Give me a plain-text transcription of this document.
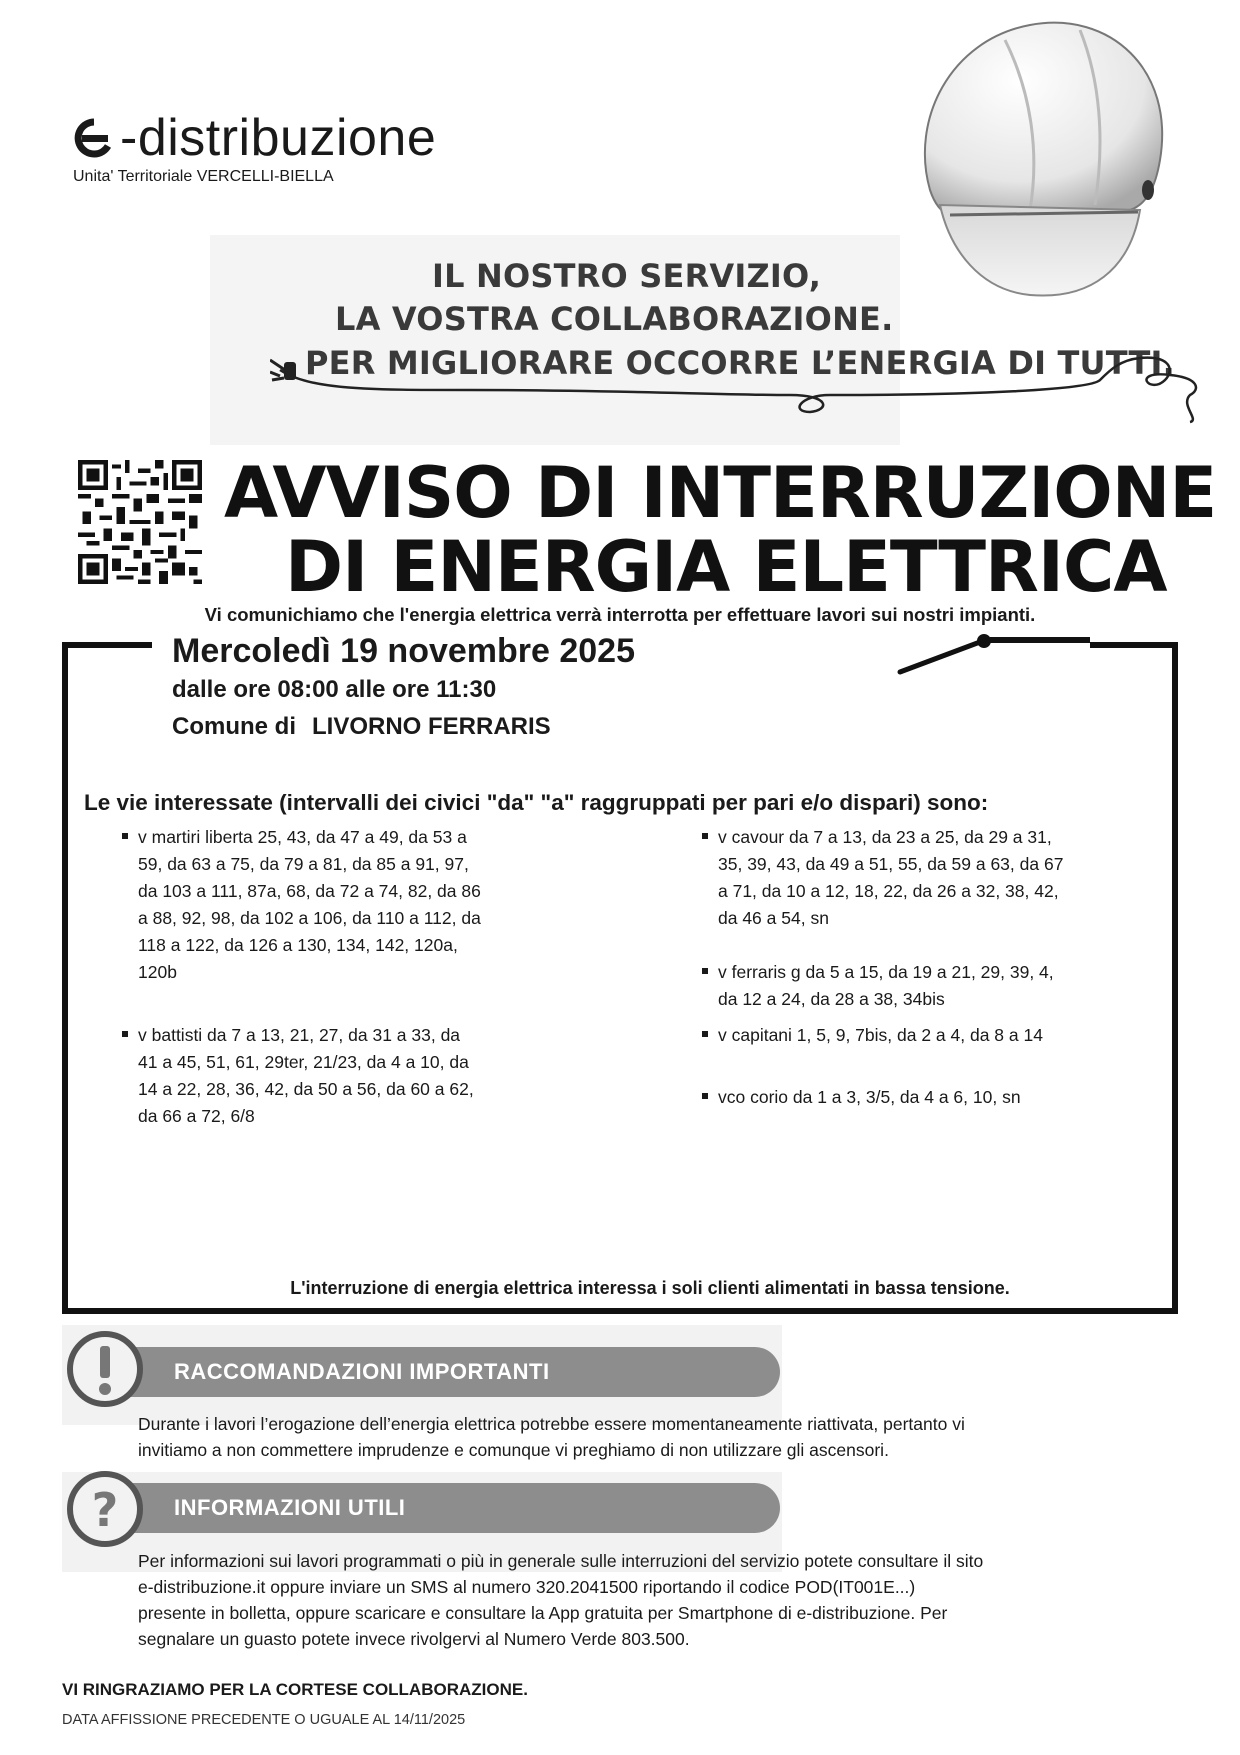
-distribuzione
Unita' Territoriale VERCELLI-BIELLA
IL NOSTRO SERVIZIO,
LA VOSTRA COLLABORAZIONE.
PER MIGLIORARE OCCORRE L’ENERGIA DI TUTTI.
AVVISO DI INTERRUZIONE
DI ENERGIA ELETTRICA
Vi comunichiamo che l'energia elettrica verrà interrotta per effettuare lavori sui nostri impianti.
Mercoledì 19 novembre 2025
dalle ore 08:00 alle ore 11:30
Comune di LIVORNO FERRARIS
Le vie interessate (intervalli dei civici "da" "a" raggruppati per pari e/o dispari) sono:
v martiri liberta 25, 43, da 47 a 49, da 53 a
59, da 63 a 75, da 79 a 81, da 85 a 91, 97,
da 103 a 111, 87a, 68, da 72 a 74, 82, da 86
a 88, 92, 98, da 102 a 106, da 110 a 112, da
118 a 122, da 126 a 130, 134, 142, 120a,
120b
v battisti da 7 a 13, 21, 27, da 31 a 33, da
41 a 45, 51, 61, 29ter, 21/23, da 4 a 10, da
14 a 22, 28, 36, 42, da 50 a 56, da 60 a 62,
da 66 a 72, 6/8
v cavour da 7 a 13, da 23 a 25, da 29 a 31,
35, 39, 43, da 49 a 51, 55, da 59 a 63, da 67
a 71, da 10 a 12, 18, 22, da 26 a 32, 38, 42,
da 46 a 54, sn
v ferraris g da 5 a 15, da 19 a 21, 29, 39, 4,
da 12 a 24, da 28 a 38, 34bis
v capitani 1, 5, 9, 7bis, da 2 a 4, da 8 a 14
vco corio da 1 a 3, 3/5, da 4 a 6, 10, sn
L'interruzione di energia elettrica interessa i soli clienti alimentati in bassa tensione.
RACCOMANDAZIONI IMPORTANTI
Durante i lavori l’erogazione dell’energia elettrica potrebbe essere momentaneamente riattivata, pertanto vi
invitiamo a non commettere imprudenze e comunque vi preghiamo di non utilizzare gli ascensori.
INFORMAZIONI UTILI
?
Per informazioni sui lavori programmati o più in generale sulle interruzioni del servizio potete consultare il sito
e-distribuzione.it oppure inviare un SMS al numero 320.2041500 riportando il codice POD(IT001E...)
presente in bolletta, oppure scaricare e consultare la App gratuita per Smartphone di e-distribuzione. Per
segnalare un guasto potete invece rivolgervi al Numero Verde 803.500.
VI RINGRAZIAMO PER LA CORTESE COLLABORAZIONE.
DATA AFFISSIONE PRECEDENTE O UGUALE AL 14/11/2025
